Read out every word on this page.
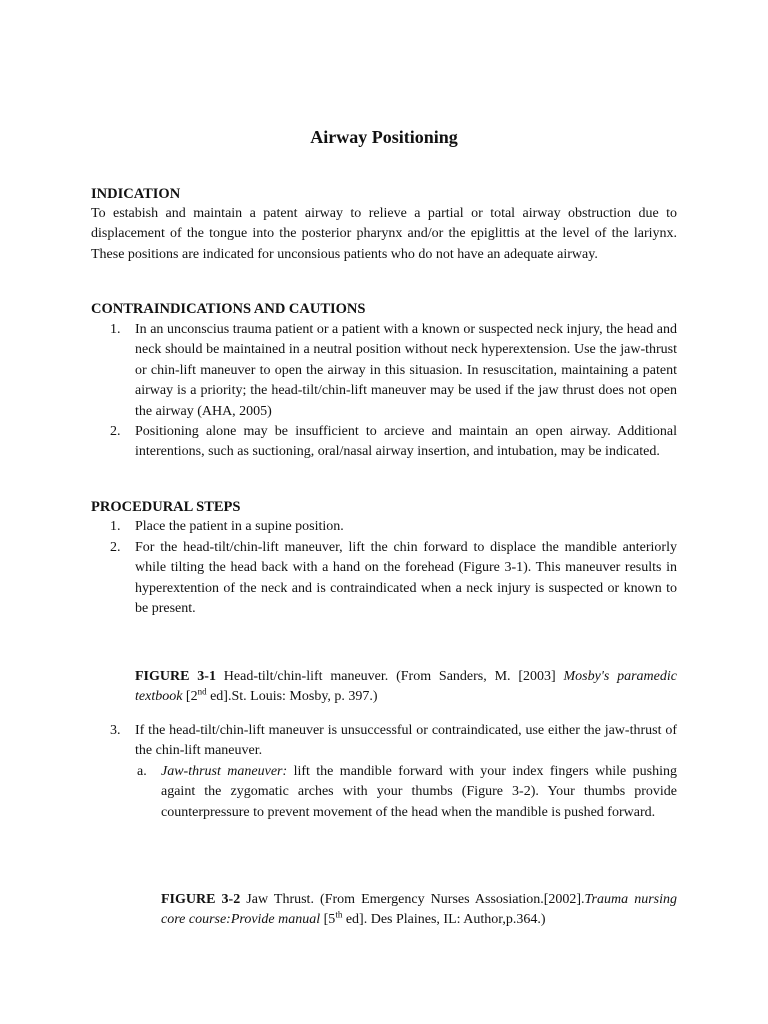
Airway Positioning
INDICATION

To estabish and maintain a patent airway to relieve a partial or total airway obstruction due to displacement of the tongue into the posterior pharynx and/or the epiglittis at the level of the lariynx. These positions are indicated for unconsious patients who do not have an adequate airway.

CONTRAINDICATIONS AND CAUTIONS
1. In an unconscius trauma patient or a patient with a known or suspected neck injury, the head and neck should be maintained in a neutral position without neck hyperextension. Use the jaw-thrust or chin-lift maneuver to open the airway in this situasion. In resuscitation, maintaining a patent airway is a priority; the head-tilt/chin-lift maneuver may be used if the jaw thrust does not open the airway (AHA, 2005)
2. Positioning alone may be insufficient to arcieve and maintain an open airway. Additional interentions, such as suctioning, oral/nasal airway insertion, and intubation, may be indicated.
PROCEDURAL STEPS
1. Place the patient in a supine position.
2. For the head-tilt/chin-lift maneuver, lift the chin forward to displace the mandible anteriorly while tilting the head back with a hand on the forehead (Figure 3-1). This maneuver results in hyperextention of the neck and is contraindicated when a neck injury is suspected or known to be present.
FIGURE 3-1 Head-tilt/chin-lift maneuver. (From Sanders, M. [2003] Mosby's paramedic textbook [2nd ed].St. Louis: Mosby, p. 397.)
3. If the head-tilt/chin-lift maneuver is unsuccessful or contraindicated, use either the jaw-thrust of the chin-lift maneuver.
a. Jaw-thrust maneuver: lift the mandible forward with your index fingers while pushing againt the zygomatic arches with your thumbs (Figure 3-2). Your thumbs provide counterpressure to prevent movement of the head when the mandible is pushed forward.
FIGURE 3-2 Jaw Thrust. (From Emergency Nurses Assosiation.[2002].Trauma nursing core course:Provide manual [5th ed]. Des Plaines, IL: Author,p.364.)
